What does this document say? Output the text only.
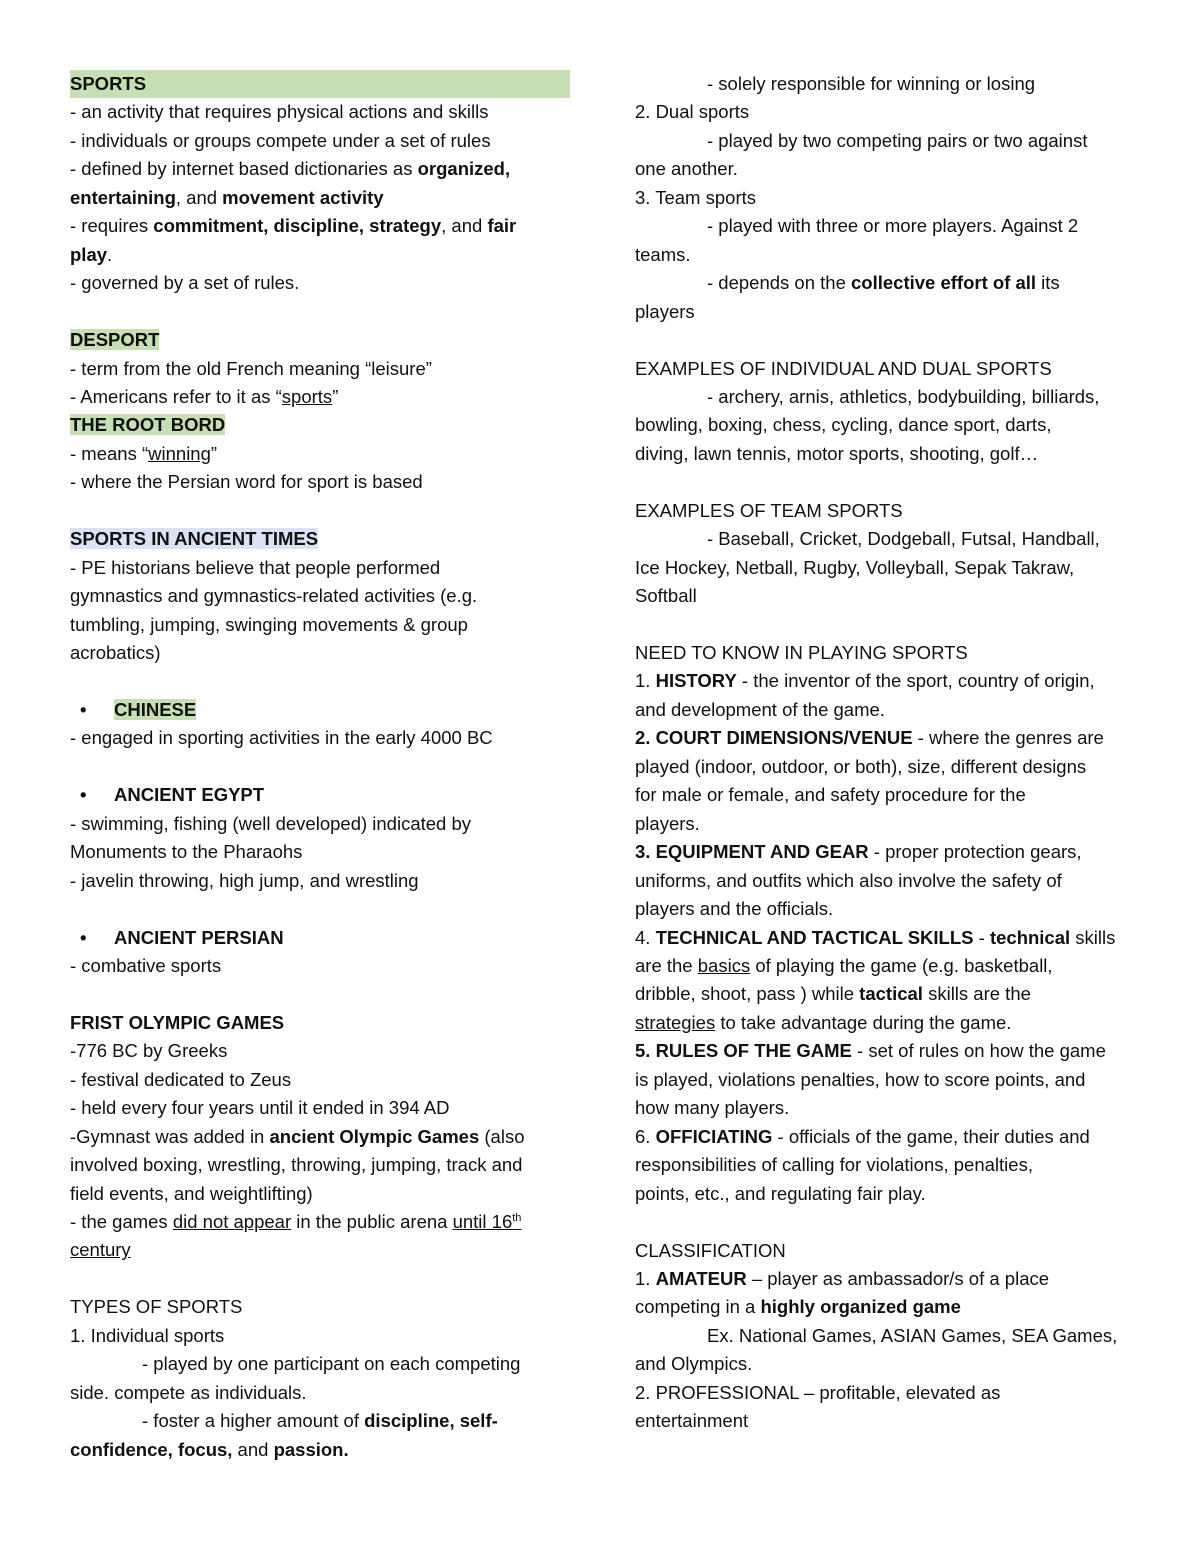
SPORTS

- an activity that requires physical actions and skills

- individuals or groups compete under a set of rules

- defined by internet based dictionaries as organized,

entertaining, and movement activity

- requires commitment, discipline, strategy, and fair

play.

- governed by a set of rules.

DESPORT

- term from the old French meaning “leisure”

- Americans refer to it as “sports”

THE ROOT BORD

- means “winning”

- where the Persian word for sport is based

SPORTS IN ANCIENT TIMES

- PE historians believe that people performed

gymnastics and gymnastics-related activities (e.g.

tumbling, jumping, swinging movements & group

acrobatics)

• CHINESE

- engaged in sporting activities in the early 4000 BC

• ANCIENT EGYPT

- swimming, fishing (well developed) indicated by

Monuments to the Pharaohs

- javelin throwing, high jump, and wrestling

• ANCIENT PERSIAN

- combative sports

FRIST OLYMPIC GAMES

-776 BC by Greeks

- festival dedicated to Zeus

- held every four years until it ended in 394 AD

-Gymnast was added in ancient Olympic Games (also

involved boxing, wrestling, throwing, jumping, track and

field events, and weightlifting)

- the games did not appear in the public arena until 16th

century

TYPES OF SPORTS

1. Individual sports

- played by one participant on each competing

side. compete as individuals.

- foster a higher amount of discipline, self-

confidence, focus, and passion.

- solely responsible for winning or losing

2. Dual sports

- played by two competing pairs or two against

one another.

3. Team sports

- played with three or more players. Against 2

teams.

- depends on the collective effort of all its

players

EXAMPLES OF INDIVIDUAL AND DUAL SPORTS

- archery, arnis, athletics, bodybuilding, billiards,

bowling, boxing, chess, cycling, dance sport, darts,

diving, lawn tennis, motor sports, shooting, golf…

EXAMPLES OF TEAM SPORTS

- Baseball, Cricket, Dodgeball, Futsal, Handball,

Ice Hockey, Netball, Rugby, Volleyball, Sepak Takraw,

Softball

NEED TO KNOW IN PLAYING SPORTS

1. HISTORY - the inventor of the sport, country of origin,

and development of the game.

2. COURT DIMENSIONS/VENUE - where the genres are

played (indoor, outdoor, or both), size, different designs

for male or female, and safety procedure for the

players.

3. EQUIPMENT AND GEAR - proper protection gears,

uniforms, and outfits which also involve the safety of

players and the officials.

4. TECHNICAL AND TACTICAL SKILLS - technical skills

are the basics of playing the game (e.g. basketball,

dribble, shoot, pass ) while tactical skills are the

strategies to take advantage during the game.

5. RULES OF THE GAME - set of rules on how the game

is played, violations penalties, how to score points, and

how many players.

6. OFFICIATING - officials of the game, their duties and

responsibilities of calling for violations, penalties,

points, etc., and regulating fair play.

CLASSIFICATION

1. AMATEUR – player as ambassador/s of a place

competing in a highly organized game

Ex. National Games, ASIAN Games, SEA Games,

and Olympics.

2. PROFESSIONAL – profitable, elevated as

entertainment
